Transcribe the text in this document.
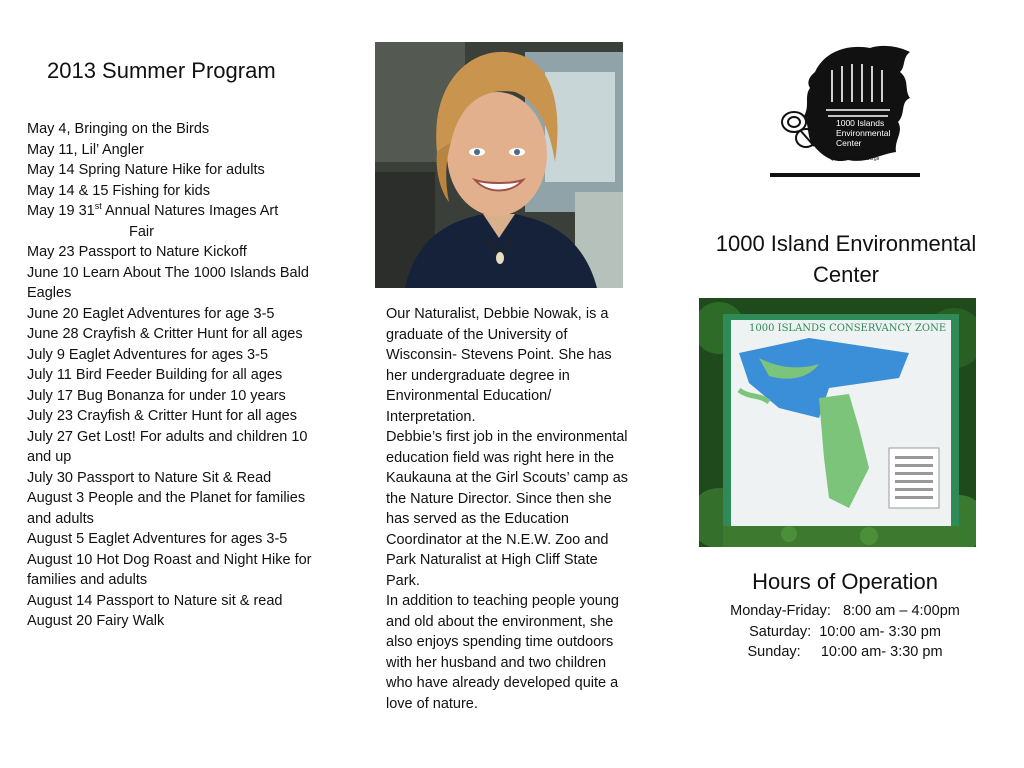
2013 Summer Program

May 4, Bringing on the Birds

May 11, Lil’ Angler

May 14 Spring Nature Hike for adults

May 14 & 15 Fishing for kids

May 19 31st Annual Natures Images Art

Fair

May 23 Passport to Nature Kickoff

June 10 Learn About The 1000 Islands Bald Eagles

June 20 Eaglet Adventures for age 3-5

June 28 Crayfish & Critter Hunt for all ages

July 9 Eaglet Adventures for ages 3-5

July 11 Bird Feeder Building for all ages

July 17 Bug Bonanza for under 10 years

July 23 Crayfish & Critter Hunt for all ages

July 27 Get Lost! For adults and children 10 and up

July 30 Passport to Nature Sit & Read

August 3 People and the Planet for families and adults

August 5 Eaglet Adventures for ages 3-5

August 10 Hot Dog Roast and Night Hike for families and adults

August 14 Passport to Nature sit & read

August 20 Fairy Walk

Our Naturalist, Debbie Nowak, is a graduate of the University of Wisconsin- Stevens Point. She has her undergraduate degree in Environmental Education/ Interpretation.

Debbie’s first job in the environmental education field was right here in the Kaukauna at the Girl Scouts’ camp as the Nature Director. Since then she has served as the Education Coordinator at the N.E.W. Zoo and Park Naturalist at High Cliff State Park.

In addition to teaching people young and old about the environment, she also enjoys spending time outdoors with her husband and two children who have already developed quite a love of nature.

1000 Islands
Environmental
Center
Quercus muhlenbergii
1000 Island Environmental Center
1000 ISLANDS CONSERVANCY ZONE
Hours of Operation
Monday-Friday:   8:00 am – 4:00pm
Saturday:  10:00 am- 3:30 pm
Sunday:     10:00 am- 3:30 pm
